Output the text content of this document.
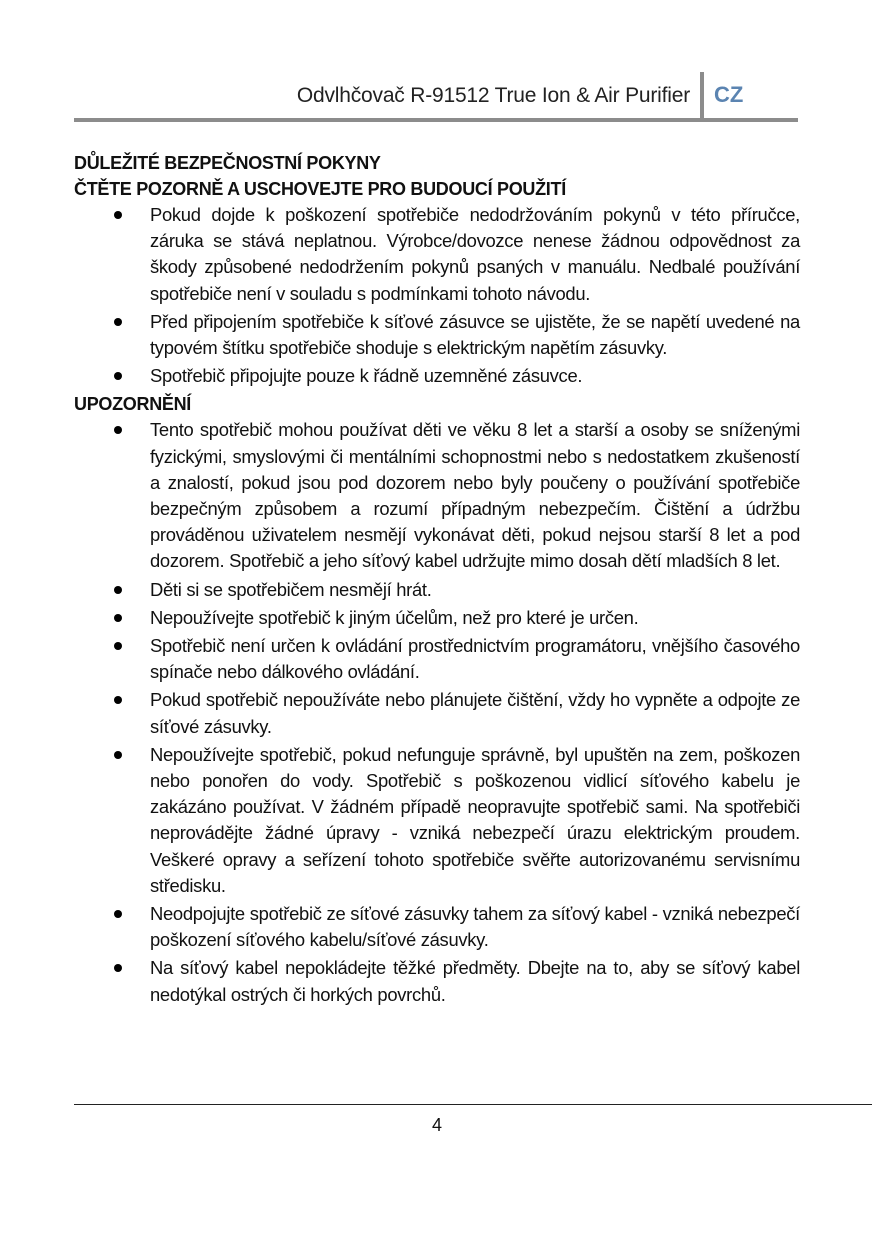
Odvlhčovač R-91512 True Ion & Air Purifier CZ

DŮLEŽITÉ BEZPEČNOSTNÍ POKYNY

ČTĚTE POZORNĚ A USCHOVEJTE PRO BUDOUCÍ POUŽITÍ

Pokud dojde k poškození spotřebiče nedodržováním pokynů v této příručce, záruka se stává neplatnou. Výrobce/dovozce nenese žádnou odpovědnost za škody způsobené nedodržením pokynů psaných v manuálu. Nedbalé používání spotřebiče není v souladu s podmínkami tohoto návodu.
Před připojením spotřebiče k síťové zásuvce se ujistěte, že se napětí uvedené na typovém štítku spotřebiče shoduje s elektrickým napětím zásuvky.
Spotřebič připojujte pouze k řádně uzemněné zásuvce.

UPOZORNĚNÍ

Tento spotřebič mohou používat děti ve věku 8 let a starší a osoby se sníženými fyzickými, smyslovými či mentálními schopnostmi nebo s nedostatkem zkušeností a znalostí, pokud jsou pod dozorem nebo byly poučeny o používání spotřebiče bezpečným způsobem a rozumí případným nebezpečím. Čištění a údržbu prováděnou uživatelem nesmějí vykonávat děti, pokud nejsou starší 8 let a pod dozorem. Spotřebič a jeho síťový kabel udržujte mimo dosah dětí mladších 8 let.
Děti si se spotřebičem nesmějí hrát.
Nepoužívejte spotřebič k jiným účelům, než pro které je určen.
Spotřebič není určen k ovládání prostřednictvím programátoru, vnějšího časového spínače nebo dálkového ovládání.
Pokud spotřebič nepoužíváte nebo plánujete čištění, vždy ho vypněte a odpojte ze síťové zásuvky.
Nepoužívejte spotřebič, pokud nefunguje správně, byl upuštěn na zem, poškozen nebo ponořen do vody. Spotřebič s poškozenou vidlicí síťového kabelu je zakázáno používat. V žádném případě neopravujte spotřebič sami. Na spotřebiči neprovádějte žádné úpravy - vzniká nebezpečí úrazu elektrickým proudem. Veškeré opravy a seřízení tohoto spotřebiče svěřte autorizovanému servisnímu středisku.
Neodpojujte spotřebič ze síťové zásuvky tahem za síťový kabel - vzniká nebezpečí poškození síťového kabelu/síťové zásuvky.
Na síťový kabel nepokládejte těžké předměty. Dbejte na to, aby se síťový kabel nedotýkal ostrých či horkých povrchů.
4
